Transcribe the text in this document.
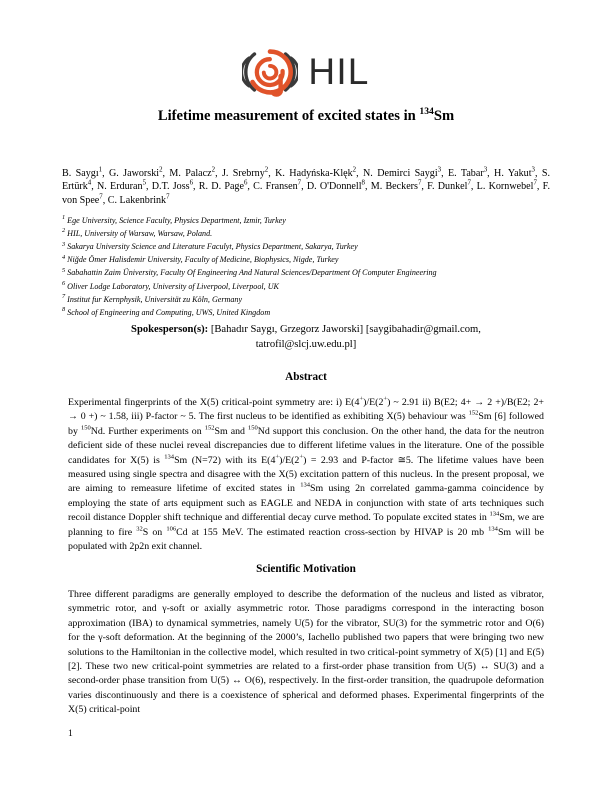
HIL
Lifetime measurement of excited states in $^{134}$Sm
B. Saygı$^1$, G. Jaworski$^2$, M. Palacz$^2$, J. Srebrny$^2$, K. Hadyńska-Klęk$^2$, N. Demirci Saygi$^3$, E. Tabar$^3$, H. Yakut$^3$, S. Ertürk$^4$, N. Erduran$^5$, D.T. Joss$^6$, R. D. Page$^6$, C. Fransen$^7$, D. O'Donnell$^8$, M. Beckers$^7$, F. Dunkel$^7$, L. Kornwebel$^7$, F. von Spee$^7$, C. Lakenbrink$^7$
$^1$ Ege University, Science Faculty, Physics Department, Izmir, Turkey
$^2$ HIL, University of Warsaw, Warsaw, Poland.
$^3$ Sakarya University Science and Literature Faculyt, Physics Department, Sakarya, Turkey
$^4$ Niğde Ömer Halisdemir University, Faculty of Medicine, Biophysics, Nigde, Turkey
$^5$ Sabahattin Zaim Üniversity, Faculty Of Engineering And Natural Sciences/Department Of Computer Engineering
$^6$ Oliver Lodge Laboratory, University of Liverpool, Liverpool, UK
$^7$ Institut fur Kernphysik, Universität zu Köln, Germany
$^8$ School of Engineering and Computing, UWS, United Kingdom
Spokesperson(s): [Bahadır Saygı, Grzegorz Jaworski] [saygibahadir@gmail.com, tatrofil@slcj.uw.edu.pl]
Abstract
Experimental fingerprints of the X(5) critical-point symmetry are: i) E(4+)/E(2+) ~ 2.91 ii) B(E2; 4+ → 2 +)/B(E2; 2+ → 0 +) ~ 1.58, iii) P-factor ~ 5. The first nucleus to be identified as exhibiting X(5) behaviour was $^{152}$Sm [6] followed by $^{150}$Nd. Further experiments on $^{152}$Sm and $^{150}$Nd support this conclusion. On the other hand, the data for the neutron deficient side of these nuclei reveal discrepancies due to different lifetime values in the literature. One of the possible candidates for X(5) is $^{134}$Sm (N=72) with its E(4+)/E(2+) = 2.93 and P-factor ≅5. The lifetime values have been measured using single spectra and disagree with the X(5) excitation pattern of this nucleus. In the present proposal, we are aiming to remeasure lifetime of excited states in $^{134}$Sm using 2n correlated gamma-gamma coincidence by employing the state of arts equipment such as EAGLE and NEDA in conjunction with state of arts techniques such recoil distance Doppler shift technique and differential decay curve method. To populate excited states in $^{134}$Sm, we are planning to fire $^{32}$S on $^{106}$Cd at 155 MeV. The estimated reaction cross-section by HIVAP is 20 mb $^{134}$Sm will be populated with 2p2n exit channel.
Scientific Motivation
Three different paradigms are generally employed to describe the deformation of the nucleus and listed as vibrator, symmetric rotor, and γ-soft or axially asymmetric rotor. Those paradigms correspond in the interacting boson approximation (IBA) to dynamical symmetries, namely U(5) for the vibrator, SU(3) for the symmetric rotor and O(6) for the γ-soft deformation. At the beginning of the 2000’s, Iachello published two papers that were bringing two new solutions to the Hamiltonian in the collective model, which resulted in two critical-point symmetry of X(5) [1] and E(5) [2]. These two new critical-point symmetries are related to a first-order phase transition from U(5) ↔ SU(3) and a second-order phase transition from U(5) ↔ O(6), respectively. In the first-order transition, the quadrupole deformation varies discontinuously and there is a coexistence of spherical and deformed phases. Experimental fingerprints of the X(5) critical-point
1
